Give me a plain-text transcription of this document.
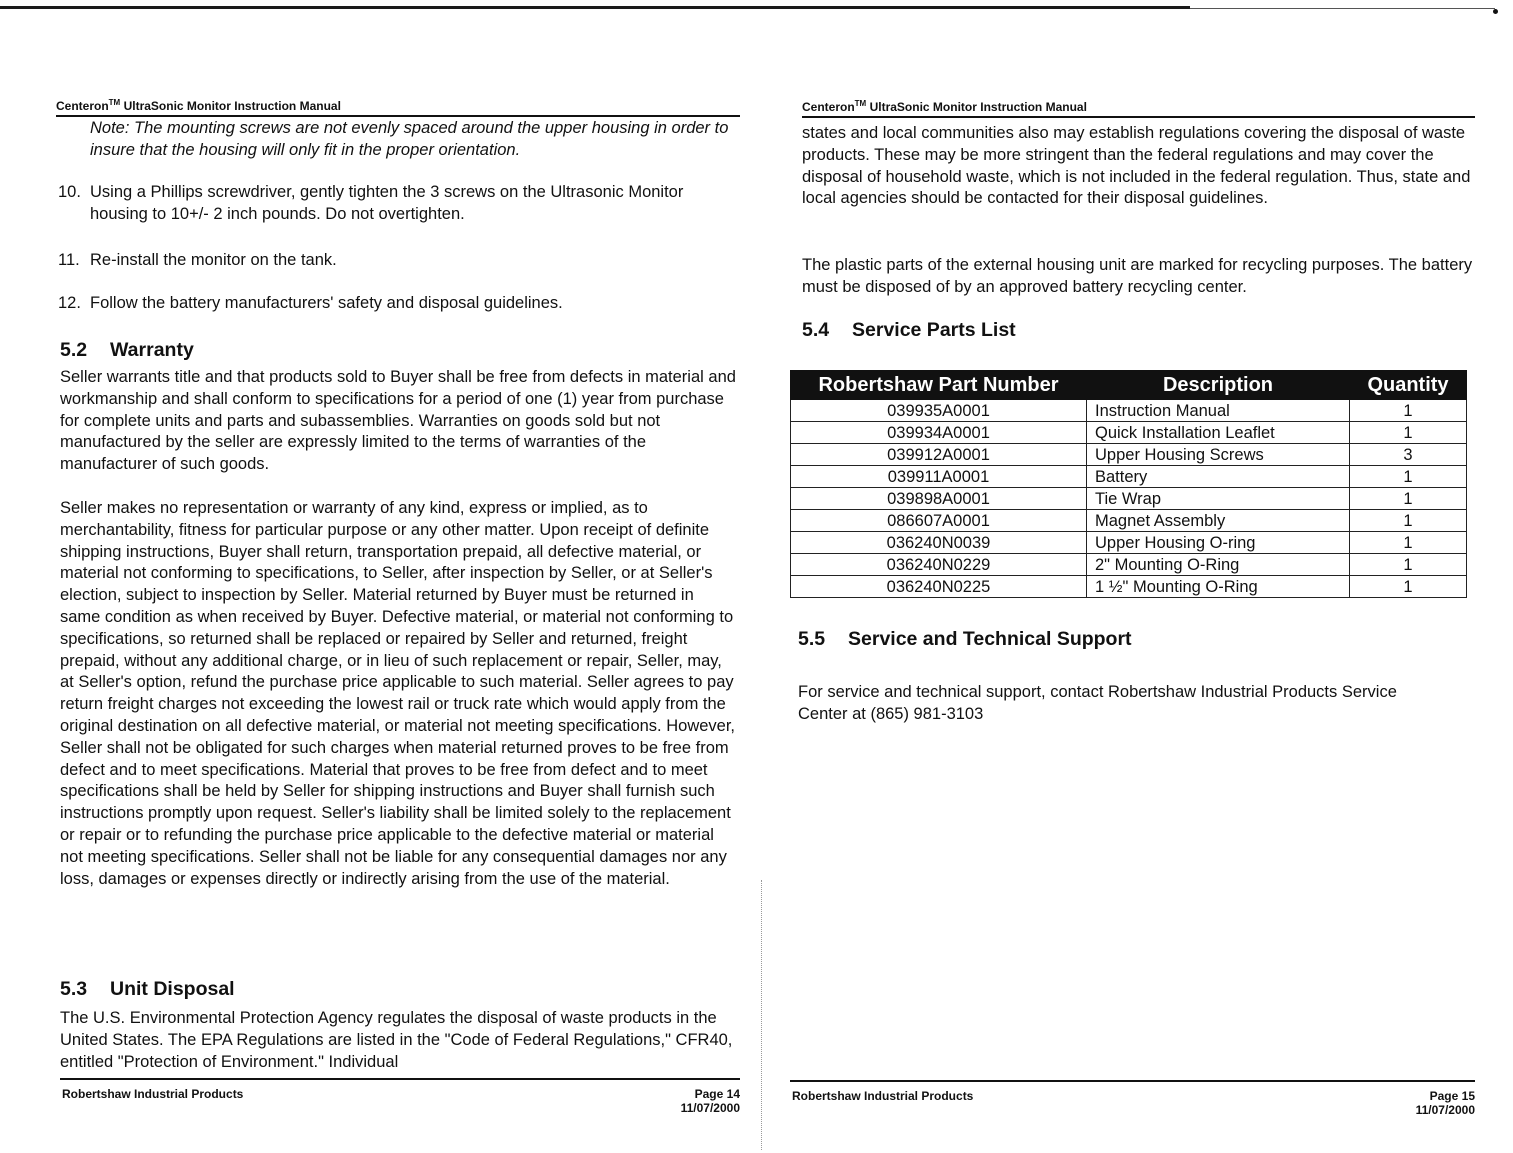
Centeron™ UltraSonic Monitor Instruction Manual

Note: The mounting screws are not evenly spaced around the upper housing in order to insure that the housing will only fit in the proper orientation.

10. Using a Phillips screwdriver, gently tighten the 3 screws on the Ultrasonic Monitor housing to 10+/- 2 inch pounds. Do not overtighten.
11. Re-install the monitor on the tank.
12. Follow the battery manufacturers' safety and disposal guidelines.
5.2 Warranty

Seller warrants title and that products sold to Buyer shall be free from defects in material and workmanship and shall conform to specifications for a period of one (1) year from purchase for complete units and parts and subassemblies. Warranties on goods sold but not manufactured by the seller are expressly limited to the terms of warranties of the manufacturer of such goods.

Seller makes no representation or warranty of any kind, express or implied, as to merchantability, fitness for particular purpose or any other matter. Upon receipt of definite shipping instructions, Buyer shall return, transportation prepaid, all defective material, or material not conforming to specifications, to Seller, after inspection by Seller, or at Seller's election, subject to inspection by Seller. Material returned by Buyer must be returned in same condition as when received by Buyer. Defective material, or material not conforming to specifications, so returned shall be replaced or repaired by Seller and returned, freight prepaid, without any additional charge, or in lieu of such replacement or repair, Seller, may, at Seller's option, refund the purchase price applicable to such material. Seller agrees to pay return freight charges not exceeding the lowest rail or truck rate which would apply from the original destination on all defective material, or material not meeting specifications. However, Seller shall not be obligated for such charges when material returned proves to be free from defect and to meet specifications. Material that proves to be free from defect and to meet specifications shall be held by Seller for shipping instructions and Buyer shall furnish such instructions promptly upon request. Seller's liability shall be limited solely to the replacement or repair or to refunding the purchase price applicable to the defective material or material not meeting specifications. Seller shall not be liable for any consequential damages nor any loss, damages or expenses directly or indirectly arising from the use of the material.

5.3 Unit Disposal

The U.S. Environmental Protection Agency regulates the disposal of waste products in the United States. The EPA Regulations are listed in the "Code of Federal Regulations," CFR40, entitled "Protection of Environment." Individual

Robertshaw Industrial Products	Page 14
11/07/2000
Centeron™ UltraSonic Monitor Instruction Manual

states and local communities also may establish regulations covering the disposal of waste products. These may be more stringent than the federal regulations and may cover the disposal of household waste, which is not included in the federal regulation. Thus, state and local agencies should be contacted for their disposal guidelines.

The plastic parts of the external housing unit are marked for recycling purposes. The battery must be disposed of by an approved battery recycling center.

5.4 Service Parts List
Robertshaw Part Number	Description	Quantity
039935A0001	Instruction Manual	1
039934A0001	Quick Installation Leaflet	1
039912A0001	Upper Housing Screws	3
039911A0001	Battery	1
039898A0001	Tie Wrap	1
086607A0001	Magnet Assembly	1
036240N0039	Upper Housing O-ring	1
036240N0229	2" Mounting O-Ring	1
036240N0225	1 ½" Mounting O-Ring	1
5.5 Service and Technical Support

For service and technical support, contact Robertshaw Industrial Products Service Center at (865) 981-3103

Robertshaw Industrial Products	Page 15
11/07/2000
